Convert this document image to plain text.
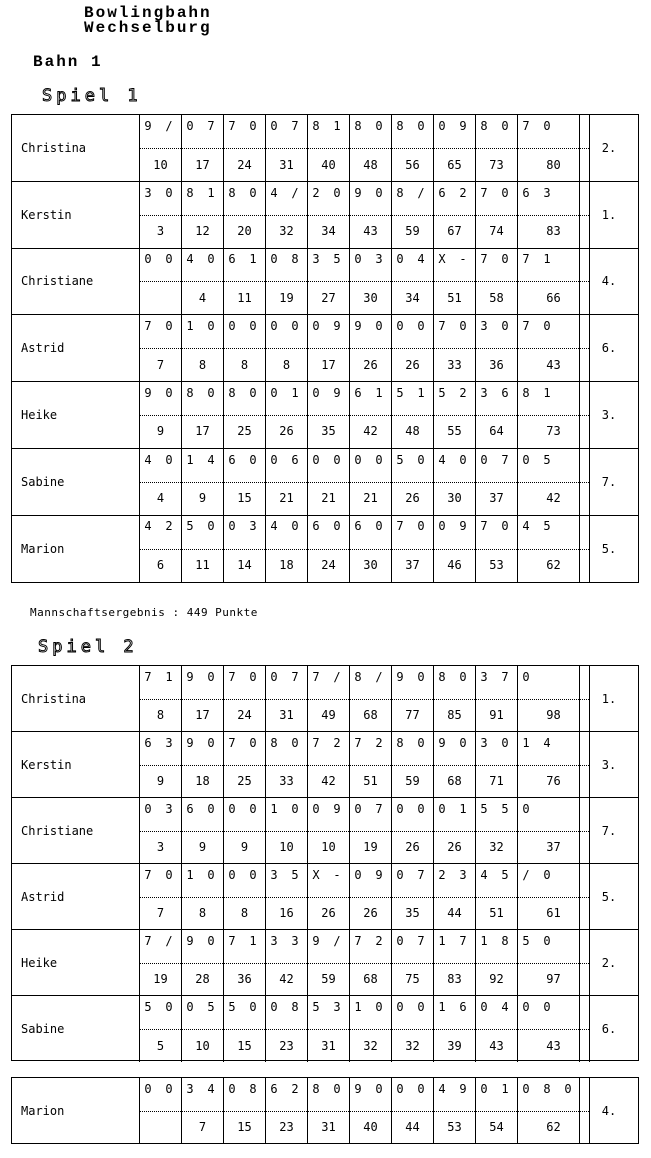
Bowlingbahn
Wechselburg
Bahn 1
Spiel 1
Christina
9 /
10
0 7
17
7 0
24
0 7
31
8 1
40
8 0
48
8 0
56
0 9
65
8 0
73
7 0
80
2.
Kerstin
3 0
3
8 1
12
8 0
20
4 /
32
2 0
34
9 0
43
8 /
59
6 2
67
7 0
74
6 3
83
1.
Christiane
0 0 4 0
4
6 1
11
0 8
19
3 5
27
0 3
30
0 4
34
X -
51
7 0
58
7 1
66
4.
Astrid
7 0
7
1 0
8
0 0
8
0 0
8
0 9
17
9 0
26
0 0
26
7 0
33
3 0
36
7 0
43
6.
Heike
9 0
9
8 0
17
8 0
25
0 1
26
0 9
35
6 1
42
5 1
48
5 2
55
3 6
64
8 1
73
3.
Sabine
4 0
4
1 4
9
6 0
15
0 6
21
0 0
21
0 0
21
5 0
26
4 0
30
0 7
37
0 5
42
7.
Marion
4 2
6
5 0
11
0 3
14
4 0
18
6 0
24
6 0
30
7 0
37
0 9
46
7 0
53
4 5
62
5.
Mannschaftsergebnis : 449 Punkte
Spiel 2
Christina
7 1
8
9 0
17
7 0
24
0 7
31
7 /
49
8 /
68
9 0
77
8 0
85
3 7
91
0
98
1.
Kerstin
6 3
9
9 0
18
7 0
25
8 0
33
7 2
42
7 2
51
8 0
59
9 0
68
3 0
71
1 4
76
3.
Christiane
0 3
3
6 0
9
0 0
9
1 0
10
0 9
10
0 7
19
0 0
26
0 1
26
5 5
32
0
37
7.
Astrid
7 0
7
1 0
8
0 0
8
3 5
16
X -
26
0 9
26
0 7
35
2 3
44
4 5
51
/ 0
61
5.
Heike
7 /
19
9 0
28
7 1
36
3 3
42
9 /
59
7 2
68
0 7
75
1 7
83
1 8
92
5 0
97
2.
Sabine
5 0
5
0 5
10
5 0
15
0 8
23
5 3
31
1 0
32
0 0
32
1 6
39
0 4
43
0 0
43
6.
Marion
0 0 3 4
7
0 8
15
6 2
23
8 0
31
9 0
40
0 0
44
4 9
53
0 1
54
0 8 0
62
4.
